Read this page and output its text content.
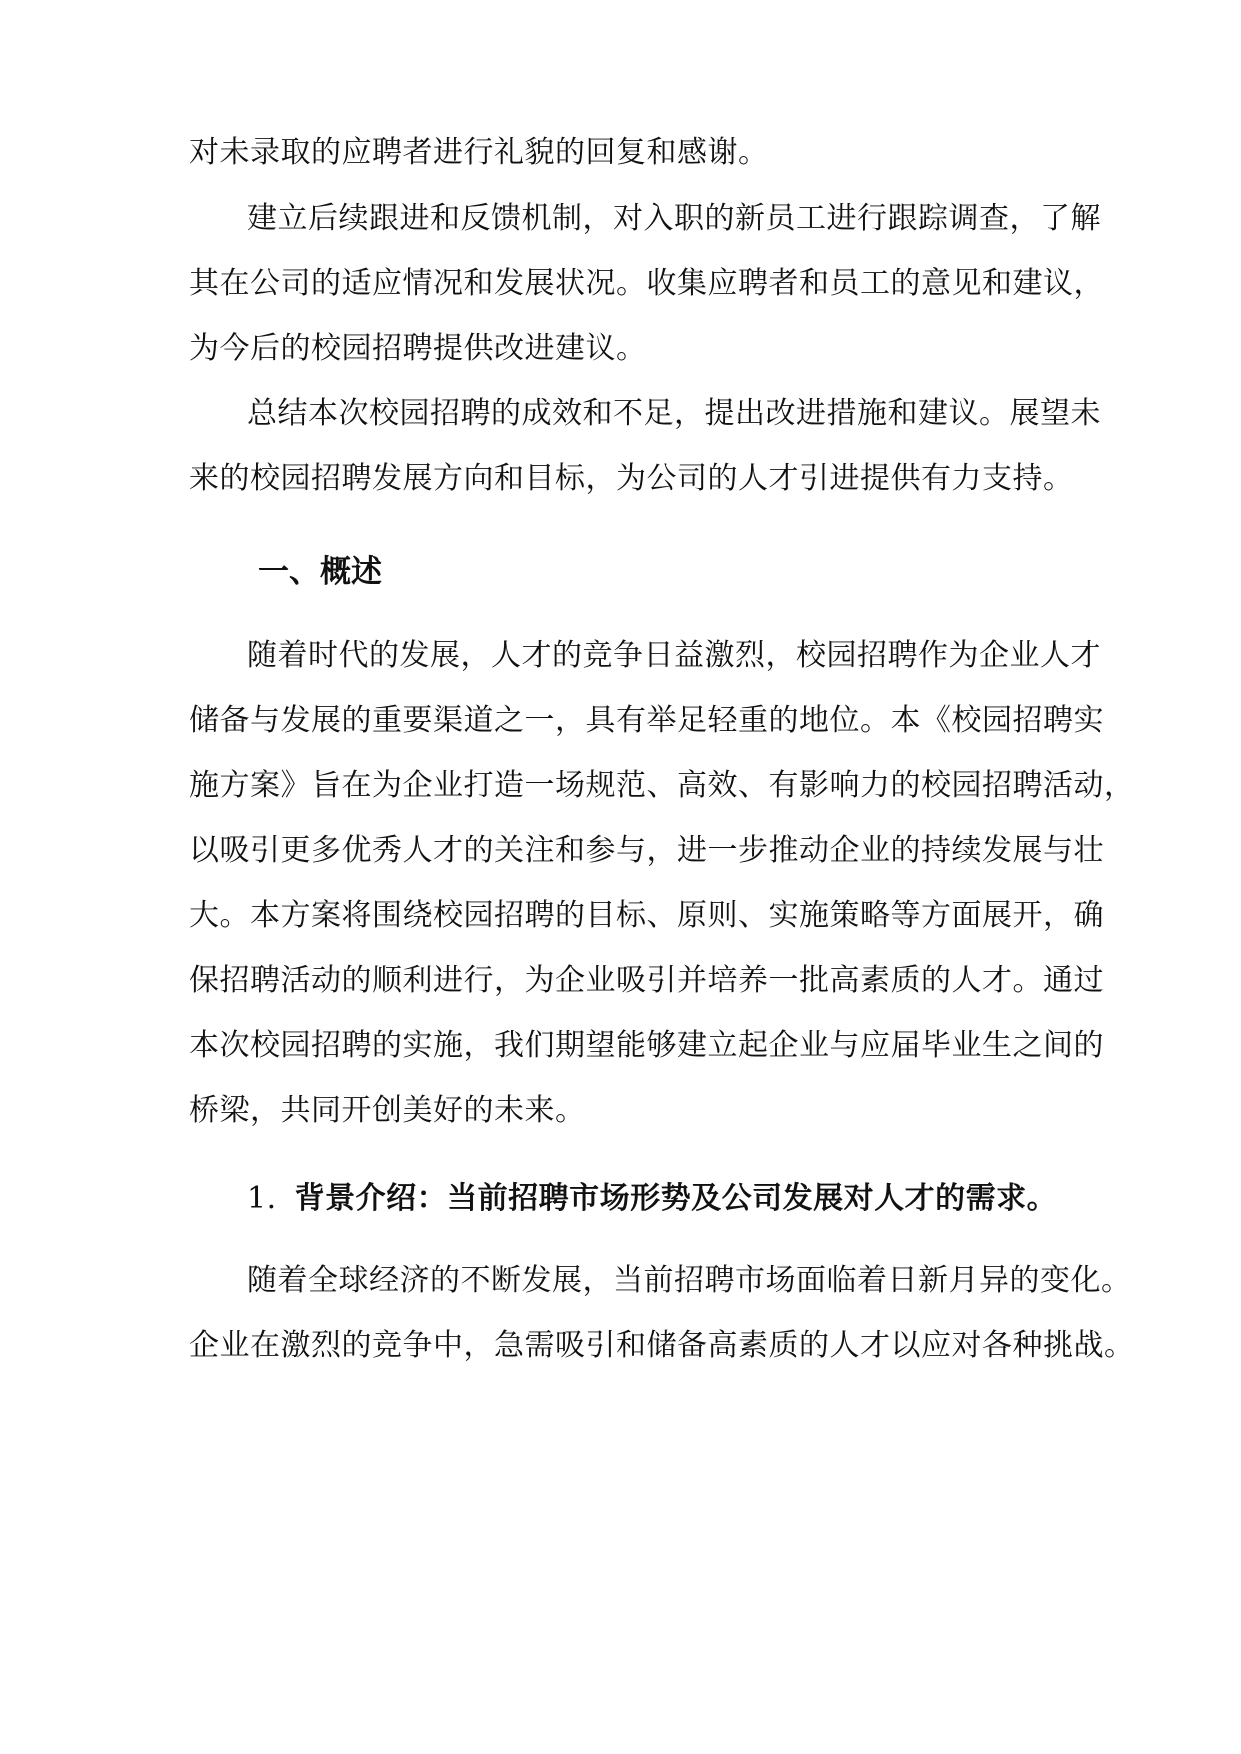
对未录取的应聘者进行礼貌的回复和感谢。
建立后续跟进和反馈机制，对入职的新员工进行跟踪调查，了解
其在公司的适应情况和发展状况。收集应聘者和员工的意见和建议，
为今后的校园招聘提供改进建议。
总结本次校园招聘的成效和不足，提出改进措施和建议。展望未
来的校园招聘发展方向和目标，为公司的人才引进提供有力支持。
一、概述
随着时代的发展，人才的竞争日益激烈，校园招聘作为企业人才
储备与发展的重要渠道之一，具有举足轻重的地位。本《校园招聘实
施方案》旨在为企业打造一场规范、高效、有影响力的校园招聘活动，
以吸引更多优秀人才的关注和参与，进一步推动企业的持续发展与壮
大。本方案将围绕校园招聘的目标、原则、实施策略等方面展开，确
保招聘活动的顺利进行，为企业吸引并培养一批高素质的人才。通过
本次校园招聘的实施，我们期望能够建立起企业与应届毕业生之间的
桥梁，共同开创美好的未来。
1. 背景介绍：当前招聘市场形势及公司发展对人才的需求。
随着全球经济的不断发展，当前招聘市场面临着日新月异的变化。
企业在激烈的竞争中，急需吸引和储备高素质的人才以应对各种挑战。
